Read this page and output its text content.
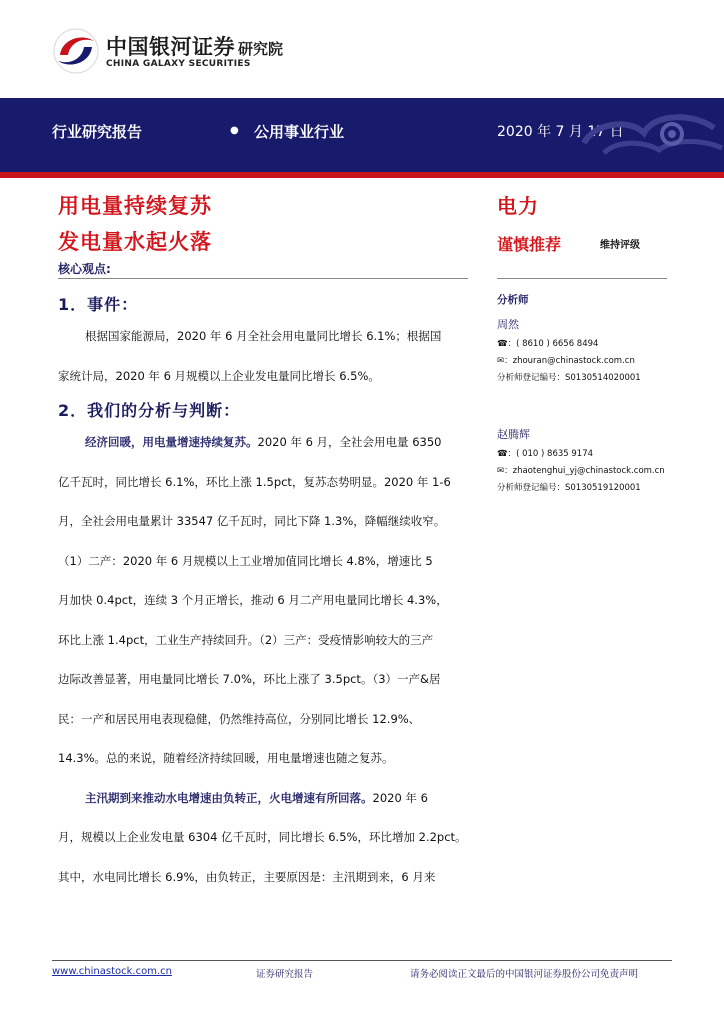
中国银河证券 研究院
CHINA GALAXY SECURITIES
行业研究报告	● 公用事业行业	2020 年 7 月 17 日
用电量持续复苏
发电量水起火落
电力
谨慎推荐	维持评级
核心观点:
1．事件：
根据国家能源局，2020 年 6 月全社会用电量同比增长 6.1%；根据国
家统计局，2020 年 6 月规模以上企业发电量同比增长 6.5%。
2．我们的分析与判断：
经济回暖，用电量增速持续复苏。2020 年 6 月，全社会用电量 6350
亿千瓦时，同比增长 6.1%，环比上涨 1.5pct，复苏态势明显。2020 年 1-6
月，全社会用电量累计 33547 亿千瓦时，同比下降 1.3%，降幅继续收窄。
（1）二产：2020 年 6 月规模以上工业增加值同比增长 4.8%，增速比 5
月加快 0.4pct，连续 3 个月正增长，推动 6 月二产用电量同比增长 4.3%，
环比上涨 1.4pct，工业生产持续回升。（2）三产：受疫情影响较大的三产
边际改善显著，用电量同比增长 7.0%，环比上涨了 3.5pct。（3）一产&居
民：一产和居民用电表现稳健，仍然维持高位，分别同比增长 12.9%、
14.3%。总的来说，随着经济持续回暖，用电量增速也随之复苏。
主汛期到来推动水电增速由负转正，火电增速有所回落。2020 年 6
月，规模以上企业发电量 6304 亿千瓦时，同比增长 6.5%，环比增加 2.2pct。
其中，水电同比增长 6.9%，由负转正，主要原因是：主汛期到来，6 月来
分析师
周然
☎：( 8610 ) 6656 8494
✉：zhouran@chinastock.com.cn
分析师登记编号：S0130514020001
赵腾辉
☎：( 010 ) 8635 9174
✉：zhaotenghui_yj@chinastock.com.cn
分析师登记编号：S0130519120001
www.chinastock.com.cn	证券研究报告	请务必阅读正文最后的中国银河证券股份公司免责声明
